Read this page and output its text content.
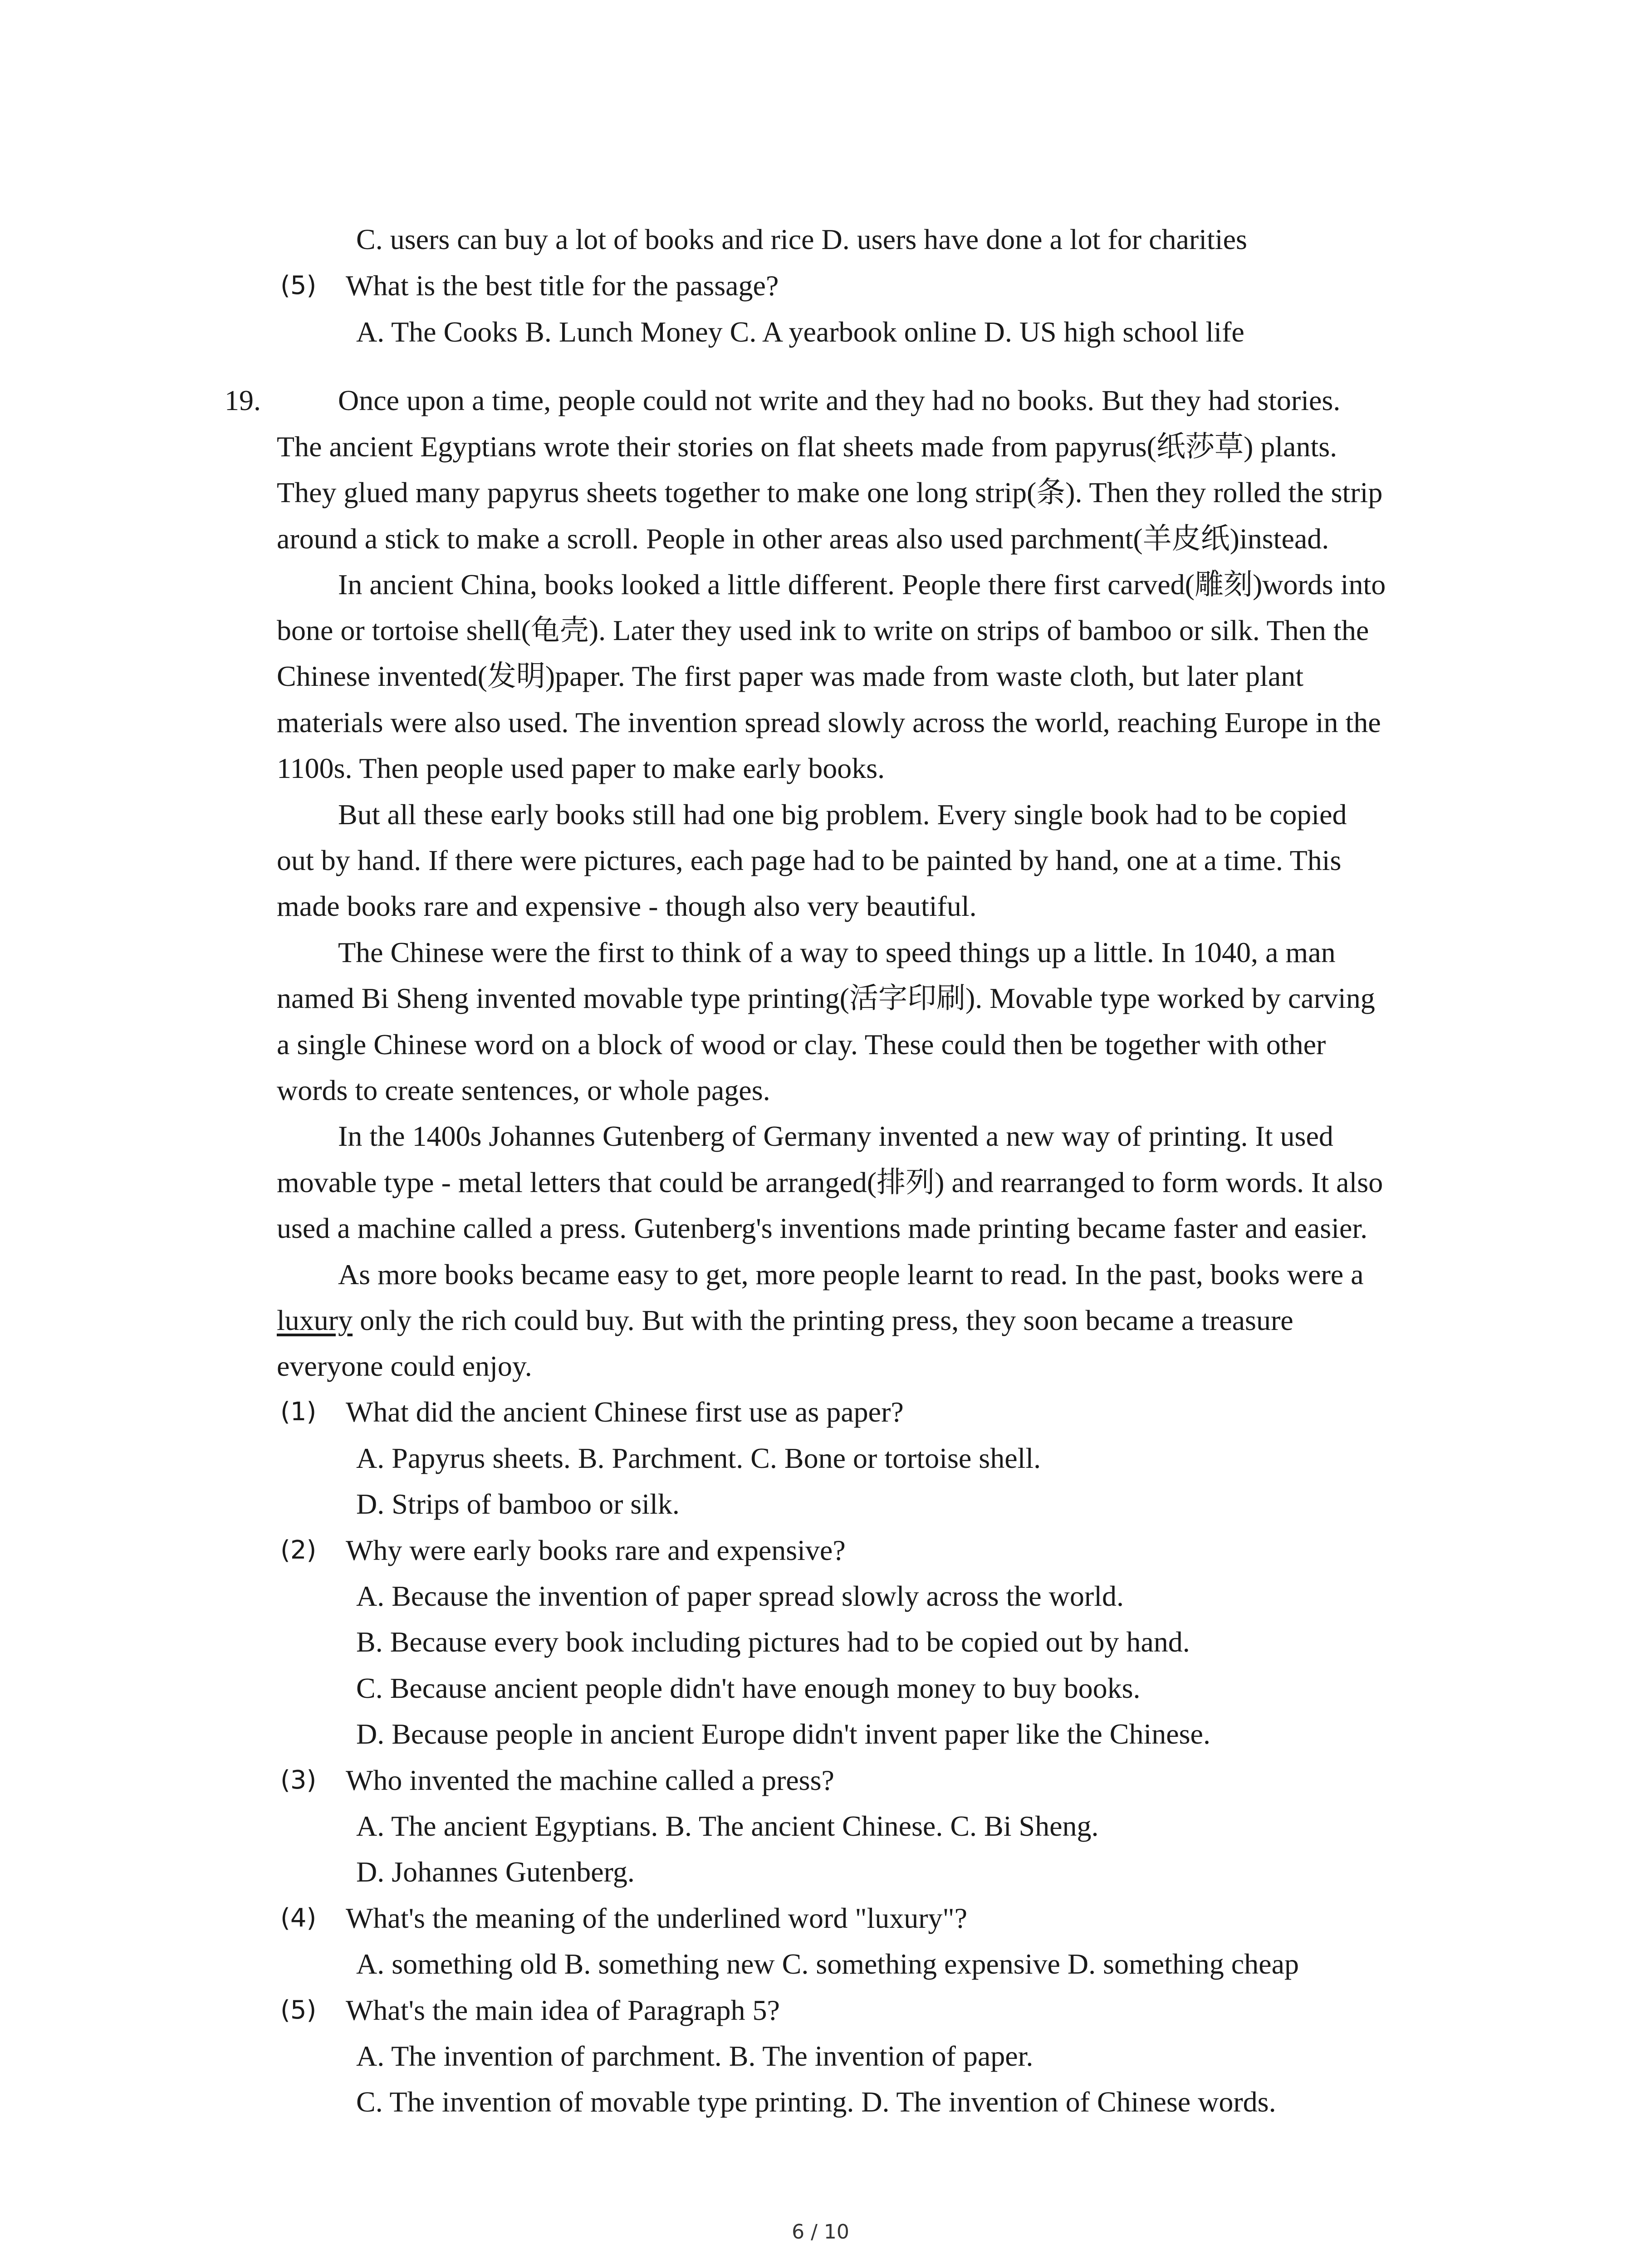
C. users can buy a lot of books and rice D. users have done a lot for charities
(5) What is the best title for the passage?
A. The Cooks B. Lunch Money C. A yearbook online D. US high school life
19.	Once upon a time, people could not write and they had no books. But they had stories.
The ancient Egyptians wrote their stories on flat sheets made from papyrus(纸莎草) plants.
They glued many papyrus sheets together to make one long strip(条). Then they rolled the strip
around a stick to make a scroll. People in other areas also used parchment(羊皮纸)instead.
In ancient China, books looked a little different. People there first carved(雕刻)words into
bone or tortoise shell(龟壳). Later they used ink to write on strips of bamboo or silk. Then the
Chinese invented(发明)paper. The first paper was made from waste cloth, but later plant
materials were also used. The invention spread slowly across the world, reaching Europe in the
1100s. Then people used paper to make early books.
But all these early books still had one big problem. Every single book had to be copied
out by hand. If there were pictures, each page had to be painted by hand, one at a time. This
made books rare and expensive - though also very beautiful.
The Chinese were the first to think of a way to speed things up a little. In 1040, a man
named Bi Sheng invented movable type printing(活字印刷). Movable type worked by carving
a single Chinese word on a block of wood or clay. These could then be together with other
words to create sentences, or whole pages.
In the 1400s Johannes Gutenberg of Germany invented a new way of printing. It used
movable type - metal letters that could be arranged(排列) and rearranged to form words. It also
used a machine called a press. Gutenberg's inventions made printing became faster and easier.
As more books became easy to get, more people learnt to read. In the past, books were a
luxury only the rich could buy. But with the printing press, they soon became a treasure
everyone could enjoy.
(1) What did the ancient Chinese first use as paper?
A. Papyrus sheets. B. Parchment. C. Bone or tortoise shell.
D. Strips of bamboo or silk.
(2) Why were early books rare and expensive?
A. Because the invention of paper spread slowly across the world.
B. Because every book including pictures had to be copied out by hand.
C. Because ancient people didn't have enough money to buy books.
D. Because people in ancient Europe didn't invent paper like the Chinese.
(3) Who invented the machine called a press?
A. The ancient Egyptians. B. The ancient Chinese. C. Bi Sheng.
D. Johannes Gutenberg.
(4) What's the meaning of the underlined word "luxury"?
A. something old B. something new C. something expensive D. something cheap
(5) What's the main idea of Paragraph 5?
A. The invention of parchment. B. The invention of paper.
C. The invention of movable type printing. D. The invention of Chinese words.
6 / 10
